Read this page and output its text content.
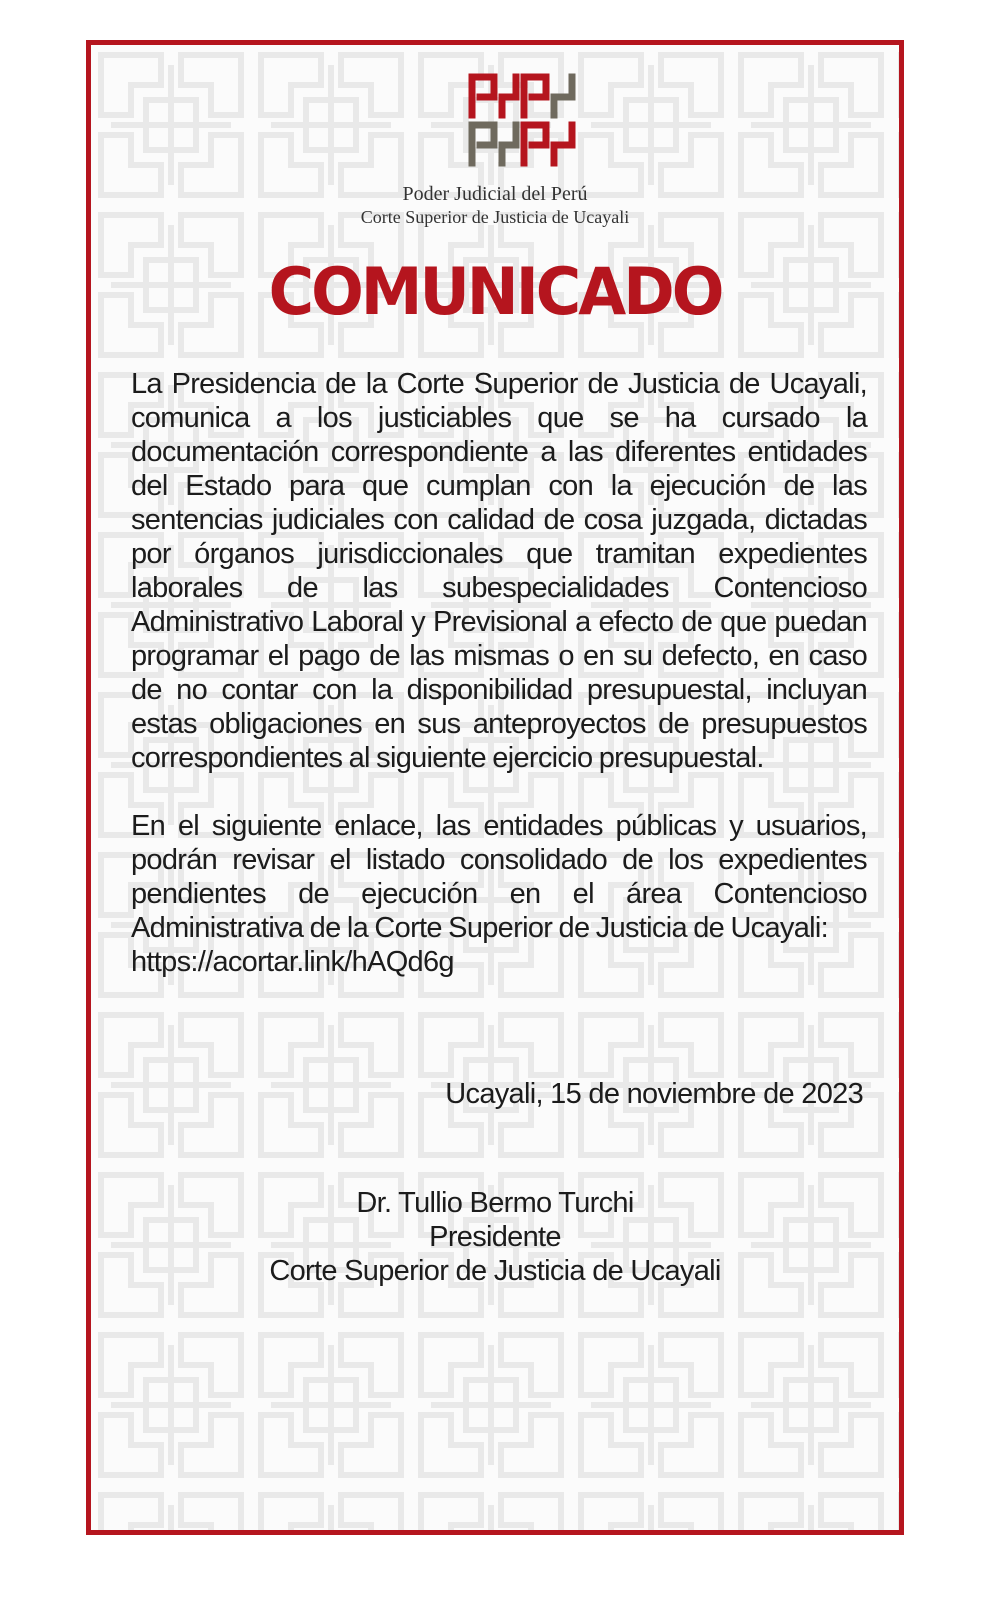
Poder Judicial del Perú
Corte Superior de Justicia de Ucayali
COMUNICADO
La Presidencia de la Corte Superior de Justicia de Ucayali, comunica a los justiciables que se ha cursado la documentación correspondiente a las diferentes entidades del Estado para que cumplan con la ejecución de las sentencias judiciales con calidad de cosa juzgada, dictadas por órganos jurisdiccionales que tramitan expedientes laborales de las subespecialidades Contencioso Administrativo Laboral y Previsional a efecto de que puedan programar el pago de las mismas o en su defecto, en caso de no contar con la disponibilidad presupuestal, incluyan estas obligaciones en sus anteproyectos de presupuestos correspondientes al siguiente ejercicio presupuestal.
En el siguiente enlace, las entidades públicas y usuarios, podrán revisar el listado consolidado de los expedientes pendientes de ejecución en el área Contencioso Administrativa de la Corte Superior de Justicia de Ucayali:
https://acortar.link/hAQd6g
Ucayali, 15 de noviembre de 2023
Dr. Tullio Bermo Turchi
Presidente
Corte Superior de Justicia de Ucayali
